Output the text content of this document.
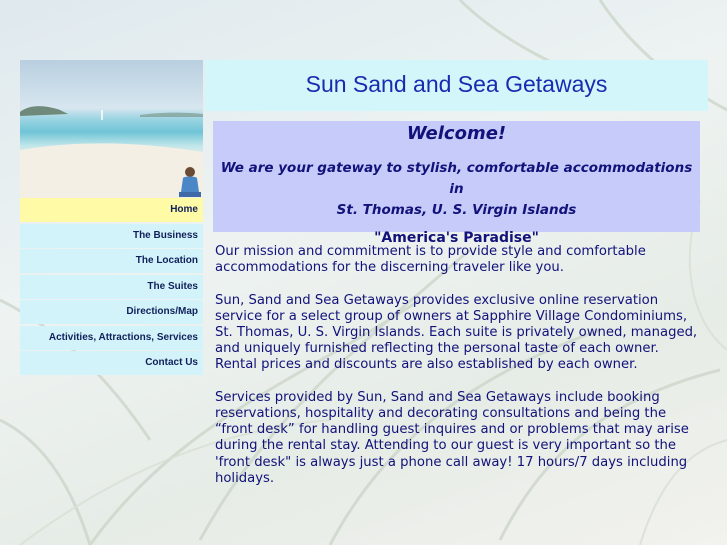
Home
The Business
The Location
The Suites
Directions/Map
Activities, Attractions, Services
Contact Us
Sun Sand and Sea Getaways
Welcome!
We are your gateway to stylish, comfortable accommodations in
St. Thomas, U. S. Virgin Islands
"America's Paradise"

Our mission and commitment is to provide style and comfortable accommodations for the discerning traveler like you.

Sun, Sand and Sea Getaways provides exclusive online reservation service for a select group of owners at Sapphire Village Condominiums, St. Thomas, U. S. Virgin Islands. Each suite is privately owned, managed, and uniquely furnished reflecting the personal taste of each owner. Rental prices and discounts are also established by each owner.

Services provided by Sun, Sand and Sea Getaways include booking reservations, hospitality and decorating consultations and being the “front desk” for handling guest inquires and or problems that may arise during the rental stay. Attending to our guest is very important so the 'front desk" is always just a phone call away! 17 hours/7 days including holidays.
